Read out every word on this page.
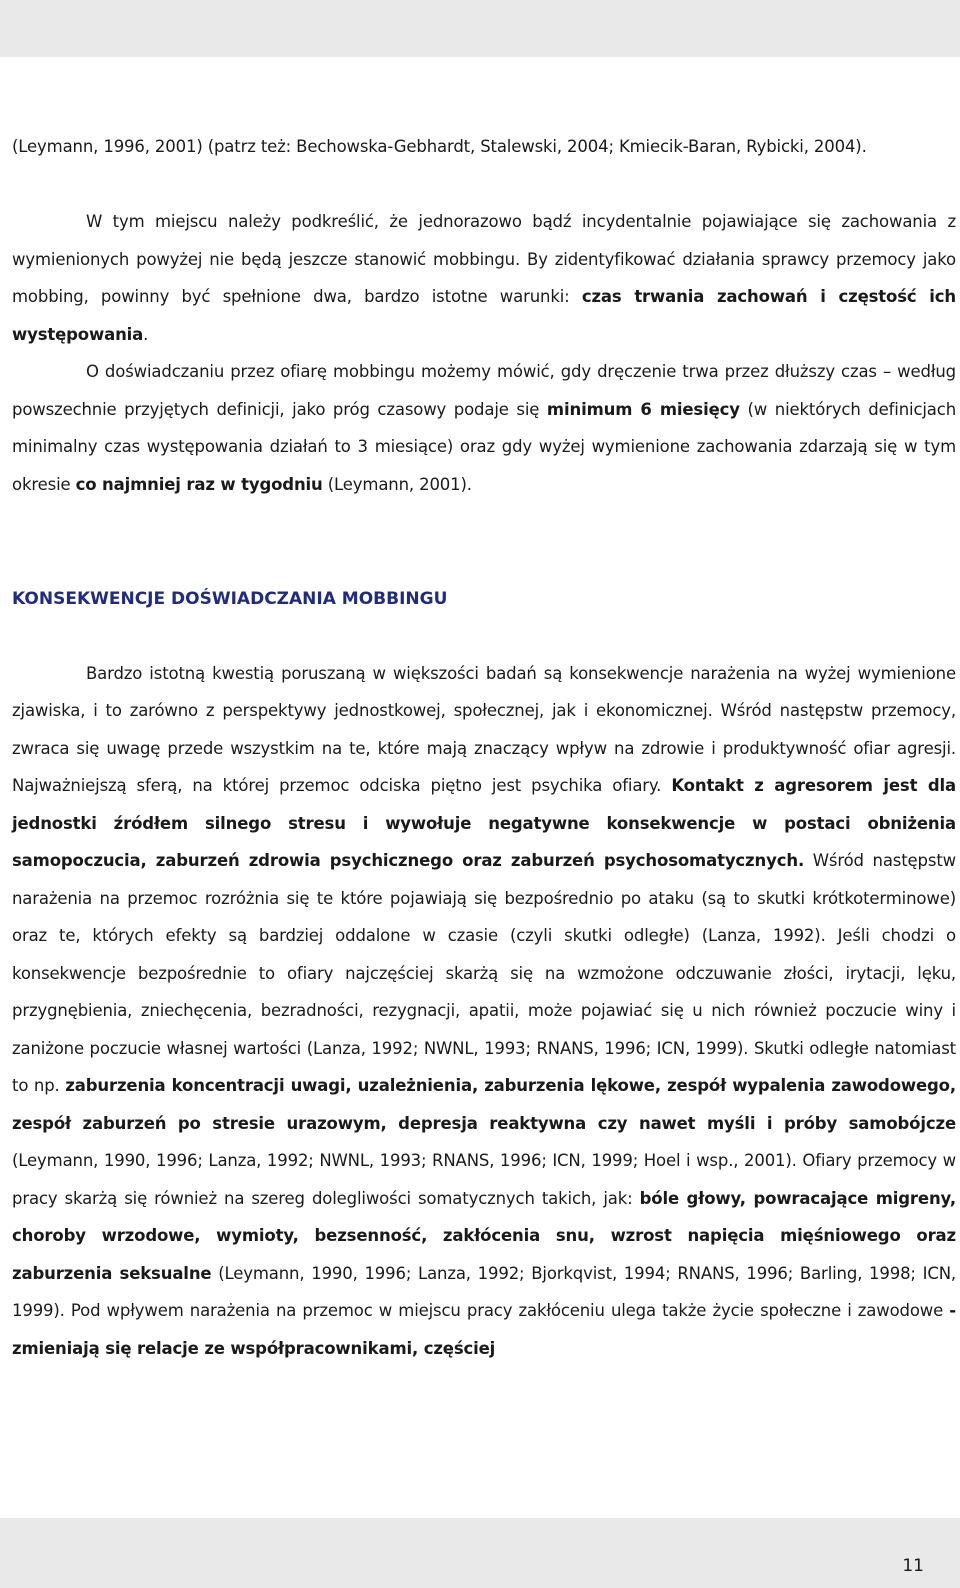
(Leymann, 1996, 2001) (patrz też: Bechowska-Gebhardt, Stalewski, 2004; Kmiecik-Baran, Rybicki, 2004).

W tym miejscu należy podkreślić, że jednorazowo bądź incydentalnie pojawiające się zachowania z wymienionych powyżej nie będą jeszcze stanowić mobbingu. By zidentyfikować działania sprawcy przemocy jako mobbing, powinny być spełnione dwa, bardzo istotne warunki: czas trwania zachowań i częstość ich występowania.

O doświadczaniu przez ofiarę mobbingu możemy mówić, gdy dręczenie trwa przez dłuższy czas – według powszechnie przyjętych definicji, jako próg czasowy podaje się minimum 6 miesięcy (w niektórych definicjach minimalny czas występowania działań to 3 miesiące) oraz gdy wyżej wymienione zachowania zdarzają się w tym okresie co najmniej raz w tygodniu (Leymann, 2001).

KONSEKWENCJE DOŚWIADCZANIA MOBBINGU

Bardzo istotną kwestią poruszaną w większości badań są konsekwencje narażenia na wyżej wymienione zjawiska, i to zarówno z perspektywy jednostkowej, społecznej, jak i ekonomicznej. Wśród następstw przemocy, zwraca się uwagę przede wszystkim na te, które mają znaczący wpływ na zdrowie i produktywność ofiar agresji. Najważniejszą sferą, na której przemoc odciska piętno jest psychika ofiary. Kontakt z agresorem jest dla jednostki źródłem silnego stresu i wywołuje negatywne konsekwencje w postaci obniżenia samopoczucia, zaburzeń zdrowia psychicznego oraz zaburzeń psychosomatycznych. Wśród następstw narażenia na przemoc rozróżnia się te które pojawiają się bezpośrednio po ataku (są to skutki krótkoterminowe) oraz te, których efekty są bardziej oddalone w czasie (czyli skutki odległe) (Lanza, 1992). Jeśli chodzi o konsekwencje bezpośrednie to ofiary najczęściej skarżą się na wzmożone odczuwanie złości, irytacji, lęku, przygnębienia, zniechęcenia, bezradności, rezygnacji, apatii, może pojawiać się u nich również poczucie winy i zaniżone poczucie własnej wartości (Lanza, 1992; NWNL, 1993; RNANS, 1996; ICN, 1999). Skutki odległe natomiast to np. zaburzenia koncentracji uwagi, uzależnienia, zaburzenia lękowe, zespół wypalenia zawodowego, zespół zaburzeń po stresie urazowym, depresja reaktywna czy nawet myśli i próby samobójcze (Leymann, 1990, 1996; Lanza, 1992; NWNL, 1993; RNANS, 1996; ICN, 1999; Hoel i wsp., 2001). Ofiary przemocy w pracy skarżą się również na szereg dolegliwości somatycznych takich, jak: bóle głowy, powracające migreny, choroby wrzodowe, wymioty, bezsenność, zakłócenia snu, wzrost napięcia mięśniowego oraz zaburzenia seksualne (Leymann, 1990, 1996; Lanza, 1992; Bjorkqvist, 1994; RNANS, 1996; Barling, 1998; ICN, 1999). Pod wpływem narażenia na przemoc w miejscu pracy zakłóceniu ulega także życie społeczne i zawodowe - zmieniają się relacje ze współpracownikami, częściej

11
